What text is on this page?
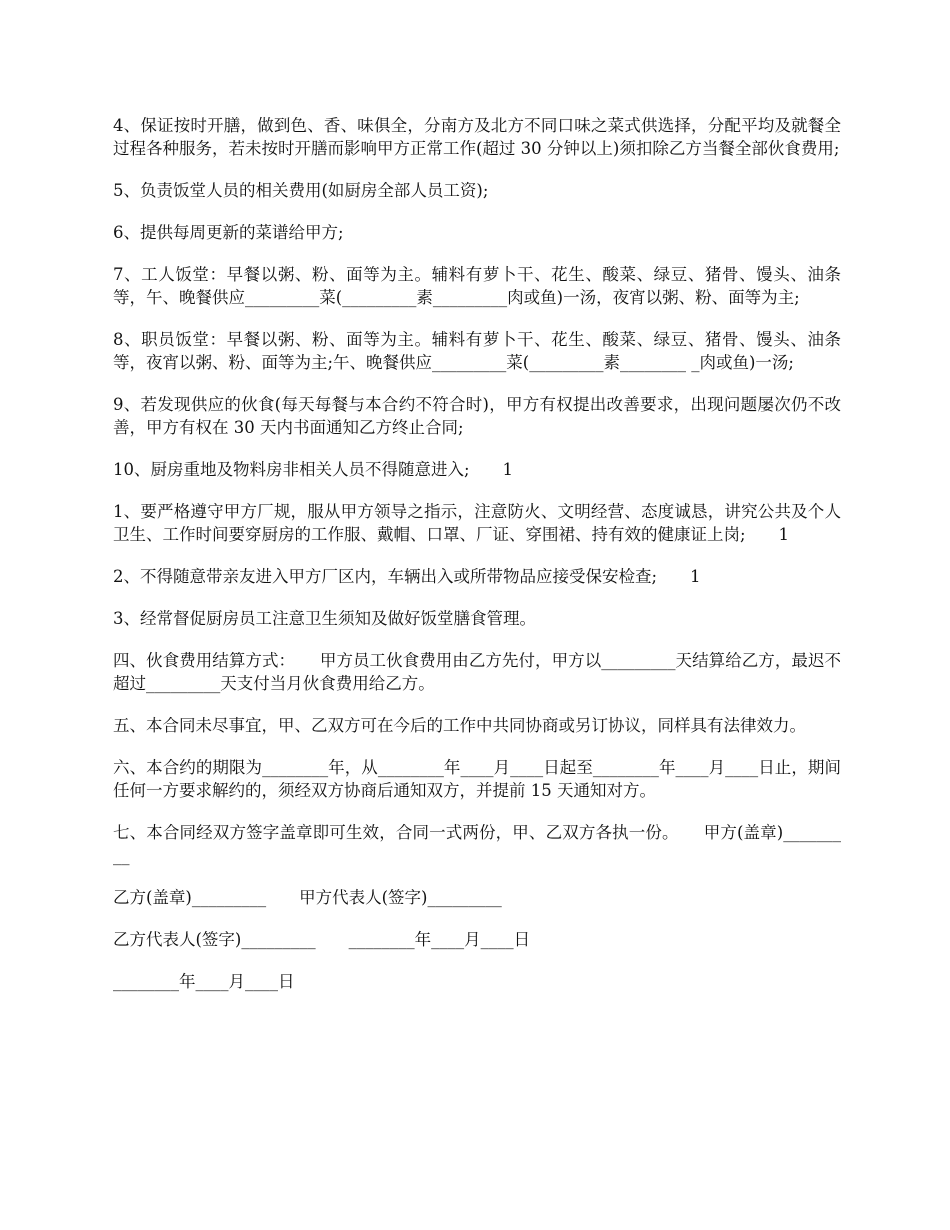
4、保证按时开膳，做到色、香、味俱全，分南方及北方不同口味之菜式供选择，分配平均及就餐全过程各种服务，若未按时开膳而影响甲方正常工作(超过 30 分钟以上)须扣除乙方当餐全部伙食费用;

5、负责饭堂人员的相关费用(如厨房全部人员工资);

6、提供每周更新的菜谱给甲方;

7、工人饭堂：早餐以粥、粉、面等为主。辅料有萝卜干、花生、酸菜、绿豆、猪骨、馒头、油条等，午、晚餐供应_________菜(_________素_________肉或鱼)一汤，夜宵以粥、粉、面等为主;

8、职员饭堂：早餐以粥、粉、面等为主。辅料有萝卜干、花生、酸菜、绿豆、猪骨、馒头、油条等，夜宵以粥、粉、面等为主;午、晚餐供应_________菜(_________素________ _肉或鱼)一汤;

9、若发现供应的伙食(每天每餐与本合约不符合时)，甲方有权提出改善要求，出现问题屡次仍不改善，甲方有权在 30 天内书面通知乙方终止合同;

10、厨房重地及物料房非相关人员不得随意进入;　　1

1、要严格遵守甲方厂规，服从甲方领导之指示，注意防火、文明经营、态度诚恳，讲究公共及个人卫生、工作时间要穿厨房的工作服、戴帽、口罩、厂证、穿围裙、持有效的健康证上岗;　　1

2、不得随意带亲友进入甲方厂区内，车辆出入或所带物品应接受保安检查;　　1

3、经常督促厨房员工注意卫生须知及做好饭堂膳食管理。

四、伙食费用结算方式：　　甲方员工伙食费用由乙方先付，甲方以_________天结算给乙方，最迟不超过_________天支付当月伙食费用给乙方。

五、本合同未尽事宜，甲、乙双方可在今后的工作中共同协商或另订协议，同样具有法律效力。

六、本合约的期限为________年，从________年____月____日起至________年____月____日止，期间任何一方要求解约的，须经双方协商后通知双方，并提前 15 天通知对方。

七、本合同经双方签字盖章即可生效，合同一式两份，甲、乙双方各执一份。　　甲方(盖章)_________

乙方(盖章)_________　　甲方代表人(签字)_________

乙方代表人(签字)_________　　________年____月____日

________年____月____日
